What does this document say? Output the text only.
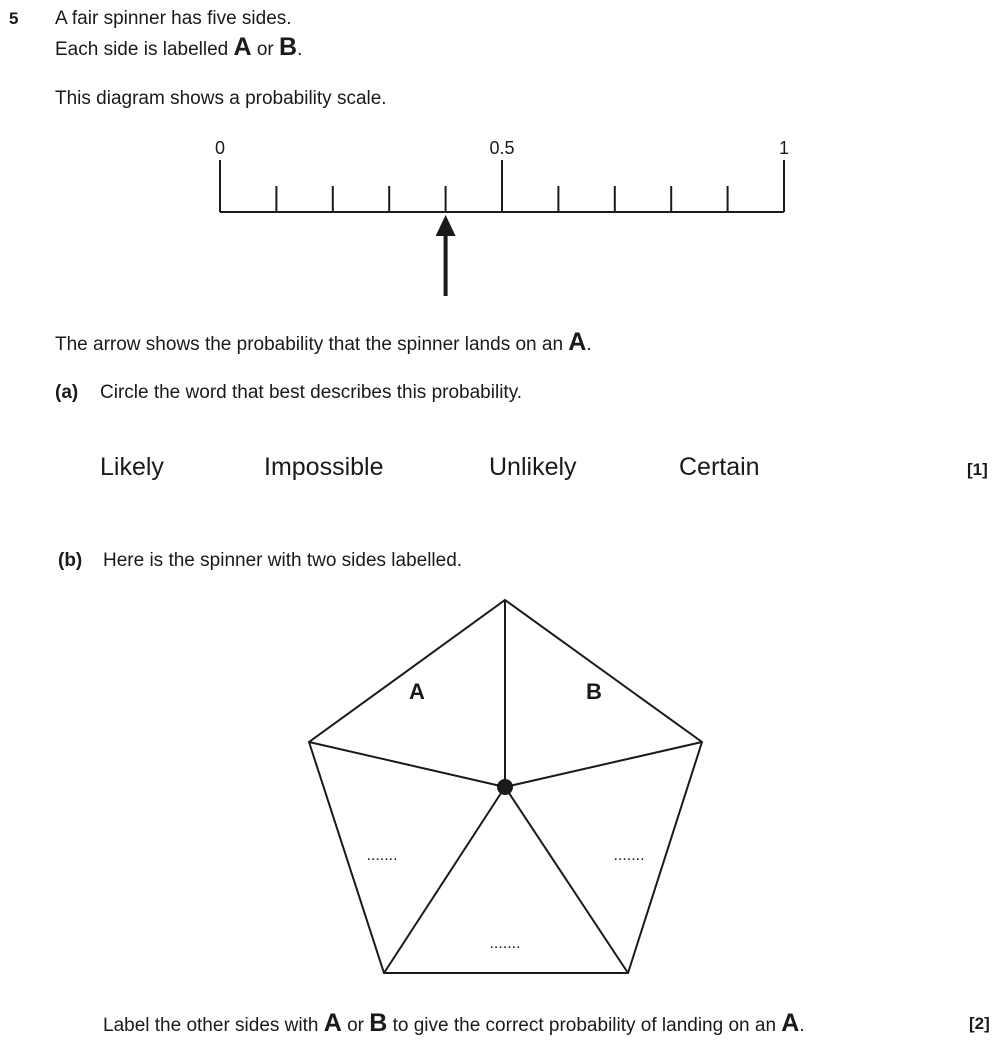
5 A fair spinner has five sides.
Each side is labelled A or B.
This diagram shows a probability scale.
0	0.5	1
The arrow shows the probability that the spinner lands on an A.
(a) Circle the word that best describes this probability.
Likely	Impossible	Unlikely	Certain	[1]
(b) Here is the spinner with two sides labelled.
A	B
.......	.......
.......
Label the other sides with A or B to give the correct probability of landing on an A.	[2]
